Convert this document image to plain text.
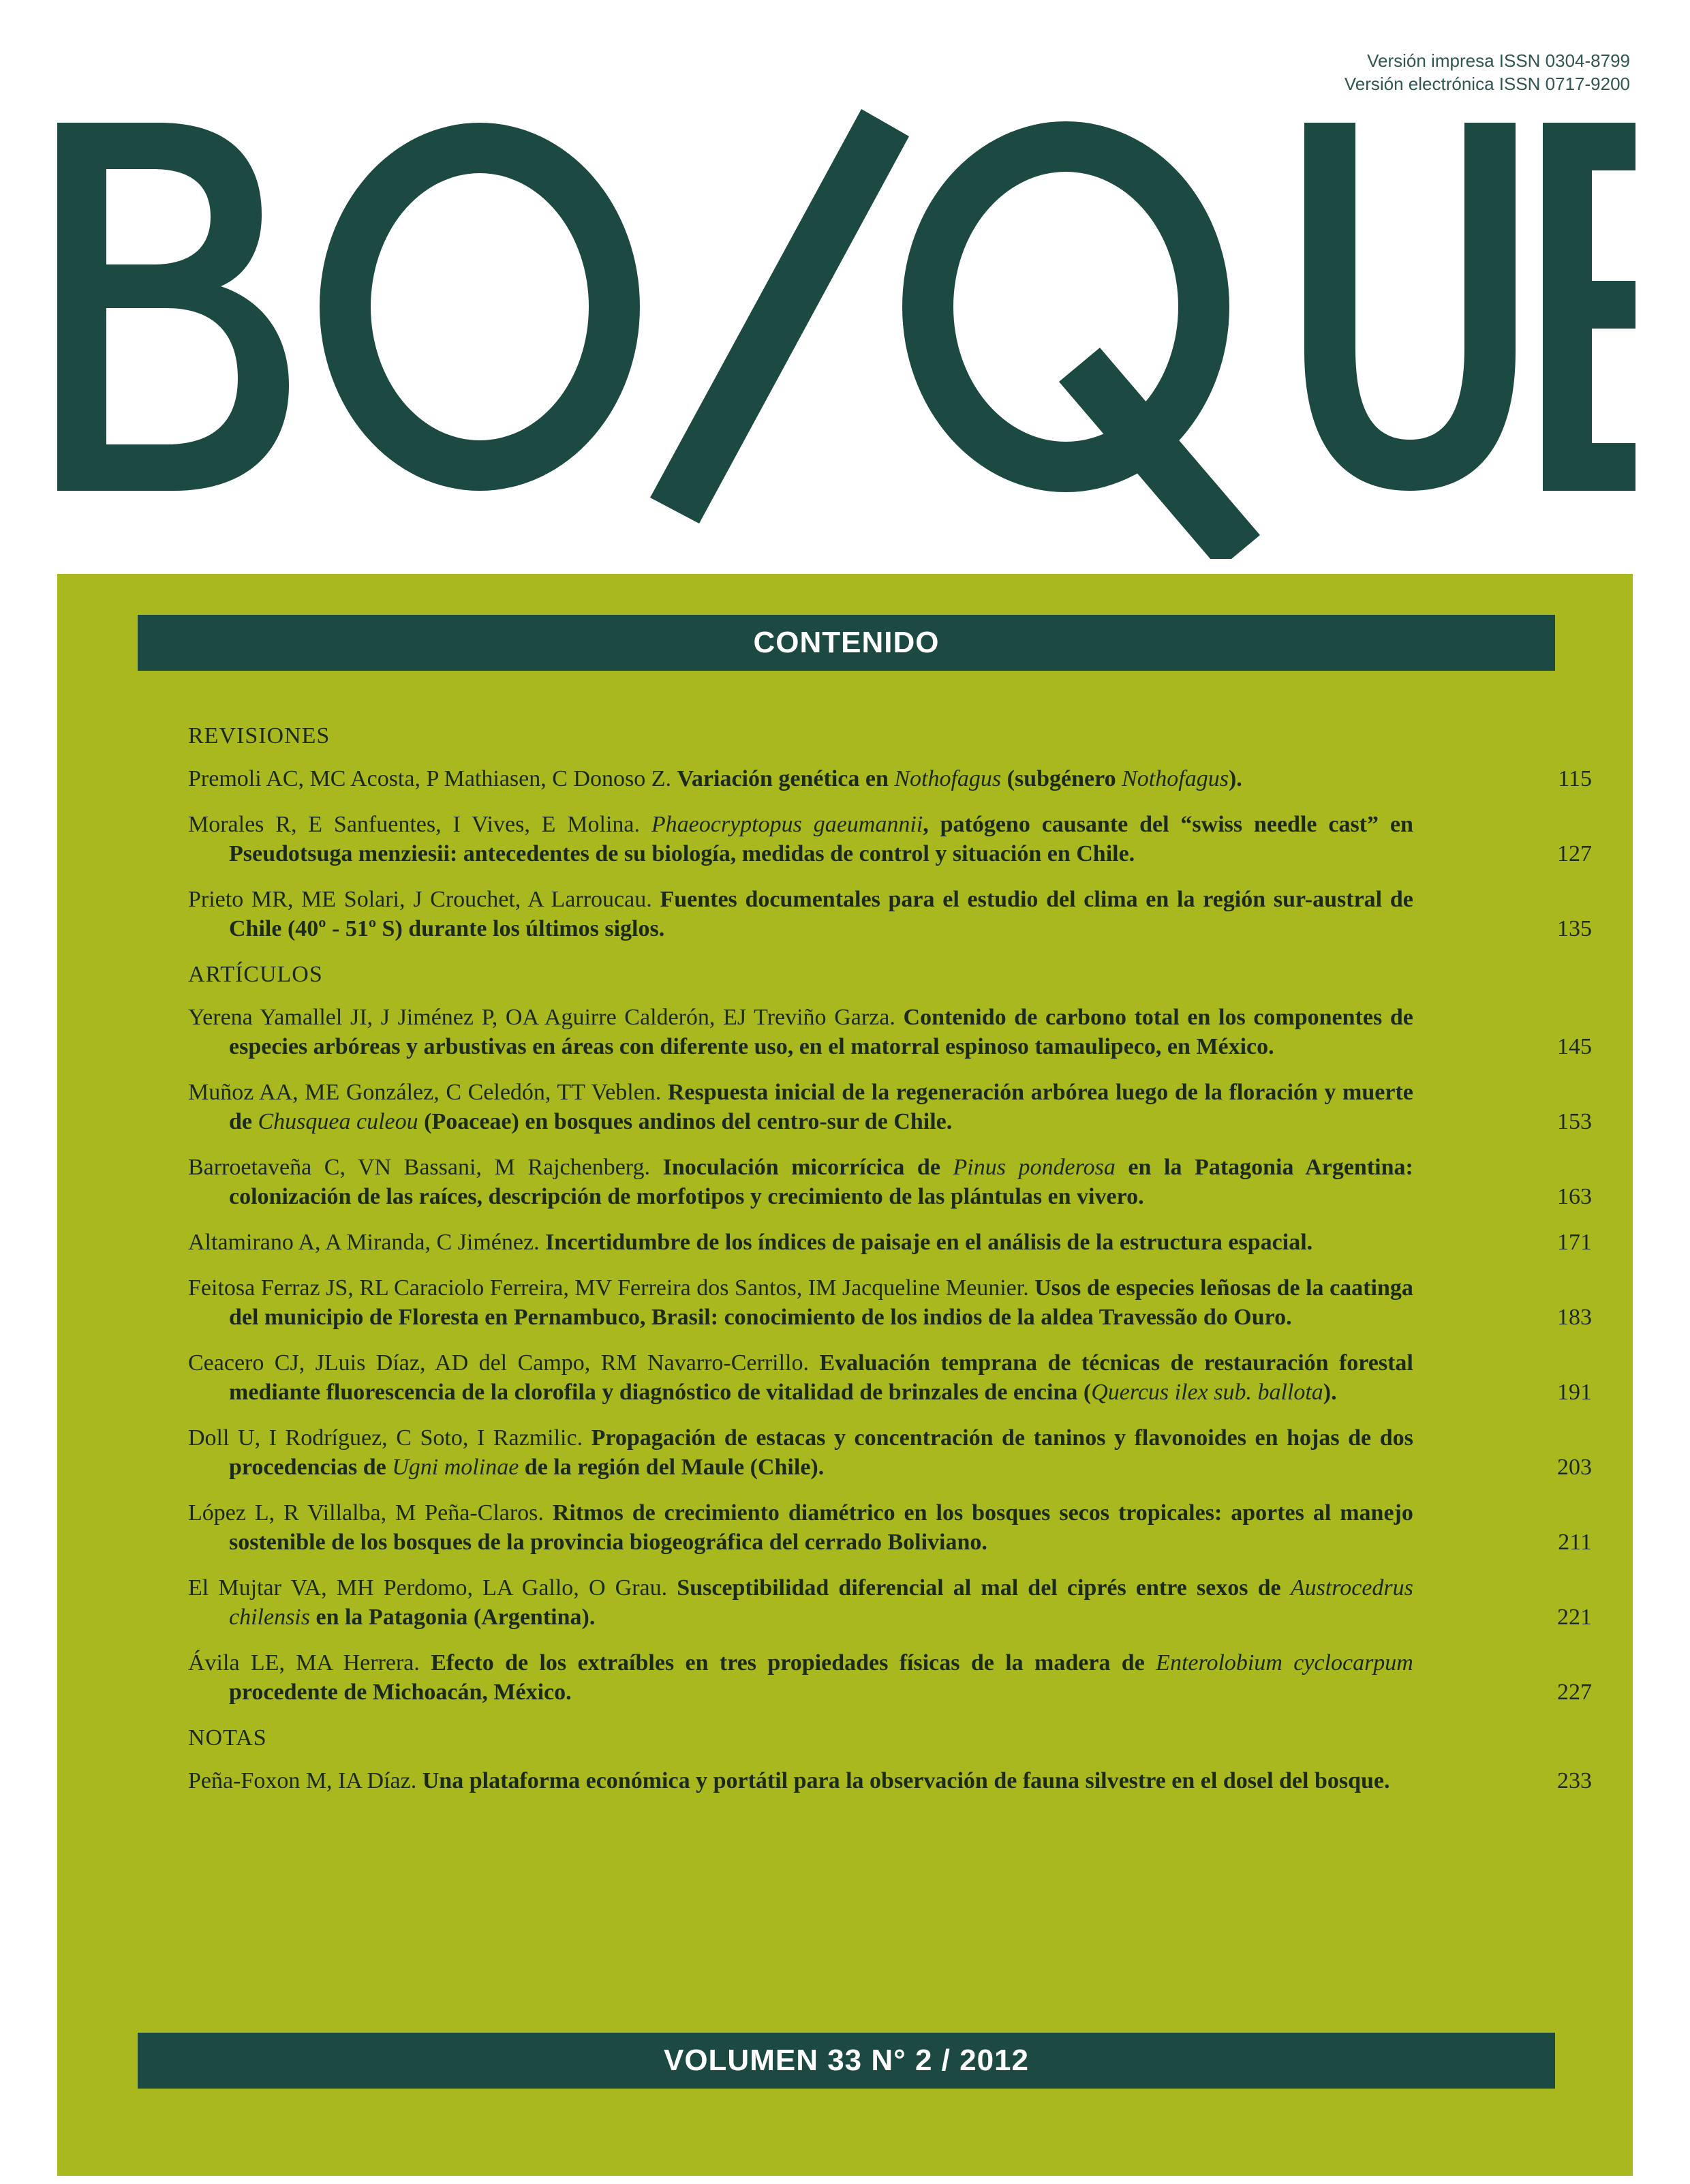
Versión impresa ISSN 0304-8799
Versión electrónica ISSN 0717-9200
CONTENIDO
REVISIONES
Premoli AC, MC Acosta, P Mathiasen, C Donoso Z. Variación genética en Nothofagus (subgénero Nothofagus).	115
Morales R, E Sanfuentes, I Vives, E Molina. Phaeocryptopus gaeumannii, patógeno causante del “swiss needle cast” en Pseudotsuga menziesii: antecedentes de su biología, medidas de control y situación en Chile.	127
Prieto MR, ME Solari, J Crouchet, A Larroucau. Fuentes documentales para el estudio del clima en la región sur-austral de Chile (40º - 51º S) durante los últimos siglos.	135
ARTÍCULOS
Yerena Yamallel JI, J Jiménez P, OA Aguirre Calderón, EJ Treviño Garza. Contenido de carbono total en los componentes de especies arbóreas y arbustivas en áreas con diferente uso, en el matorral espinoso tamaulipeco, en México.	145
Muñoz AA, ME González, C Celedón, TT Veblen. Respuesta inicial de la regeneración arbórea luego de la floración y muerte de Chusquea culeou (Poaceae) en bosques andinos del centro-sur de Chile.	153
Barroetaveña C, VN Bassani, M Rajchenberg. Inoculación micorrícica de Pinus ponderosa en la Patagonia Argentina: colonización de las raíces, descripción de morfotipos y crecimiento de las plántulas en vivero.	163
Altamirano A, A Miranda, C Jiménez. Incertidumbre de los índices de paisaje en el análisis de la estructura espacial.	171
Feitosa Ferraz JS, RL Caraciolo Ferreira, MV Ferreira dos Santos, IM Jacqueline Meunier. Usos de especies leñosas de la caatinga del municipio de Floresta en Pernambuco, Brasil: conocimiento de los indios de la aldea Travessão do Ouro.	183
Ceacero CJ, JLuis Díaz, AD del Campo, RM Navarro-Cerrillo. Evaluación temprana de técnicas de restauración forestal mediante fluorescencia de la clorofila y diagnóstico de vitalidad de brinzales de encina (Quercus ilex sub. ballota).	191
Doll U, I Rodríguez, C Soto, I Razmilic. Propagación de estacas y concentración de taninos y flavonoides en hojas de dos procedencias de Ugni molinae de la región del Maule (Chile).	203
López L, R Villalba, M Peña-Claros. Ritmos de crecimiento diamétrico en los bosques secos tropicales: aportes al manejo sostenible de los bosques de la provincia biogeográfica del cerrado Boliviano.	211
El Mujtar VA, MH Perdomo, LA Gallo, O Grau. Susceptibilidad diferencial al mal del ciprés entre sexos de Austrocedrus chilensis en la Patagonia (Argentina).	221
Ávila LE, MA Herrera. Efecto de los extraíbles en tres propiedades físicas de la madera de Enterolobium cyclocarpum procedente de Michoacán, México.	227
NOTAS
Peña-Foxon M, IA Díaz. Una plataforma económica y portátil para la observación de fauna silvestre en el dosel del bosque.	233
VOLUMEN 33 N° 2 / 2012
